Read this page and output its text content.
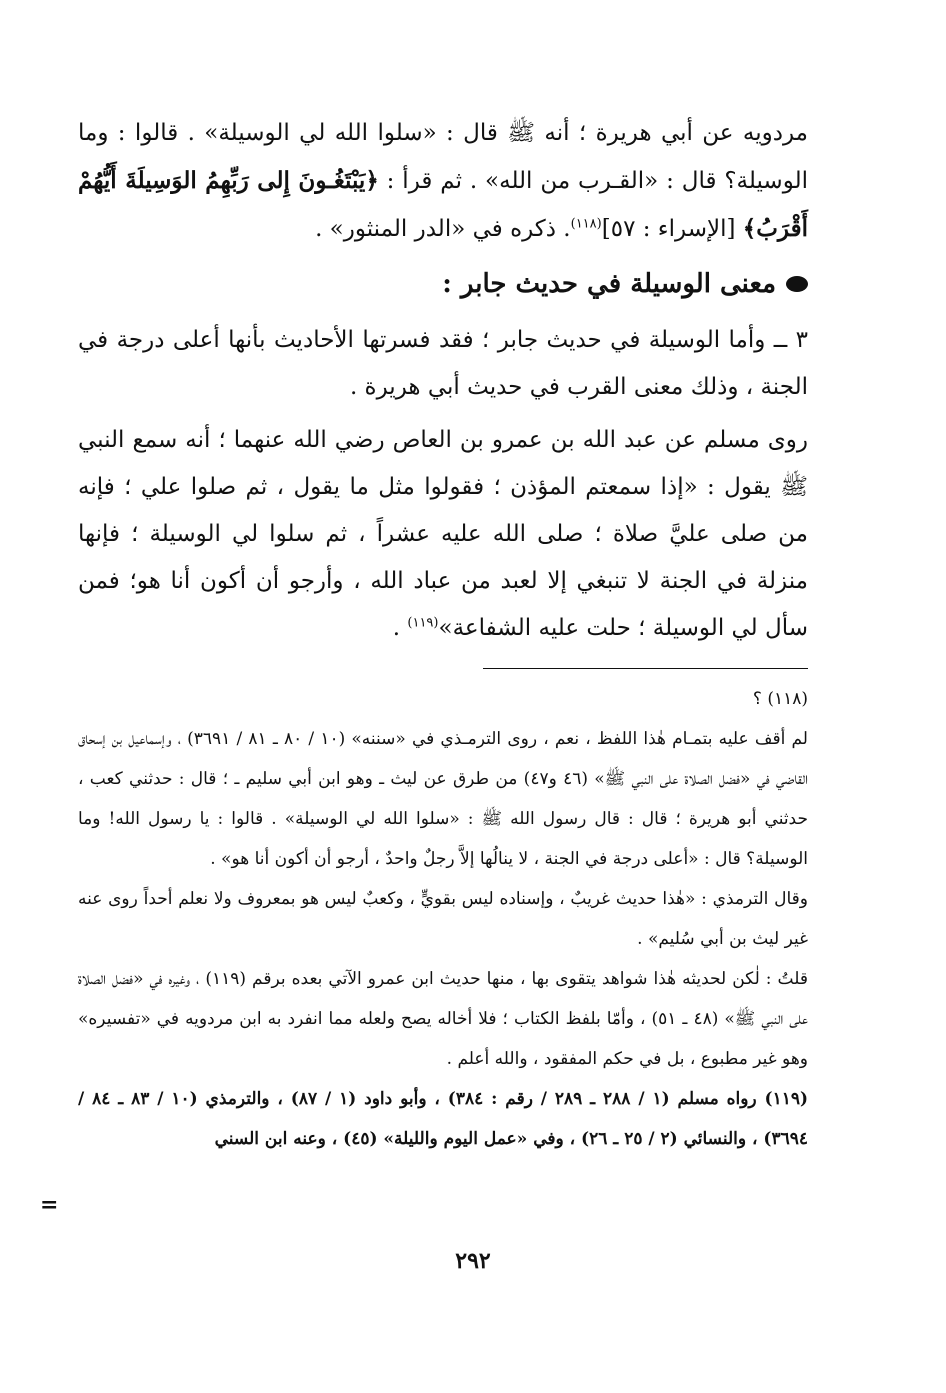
مردويه عن أبي هريرة ؛ أنه ﷺ قال : «سلوا الله لي الوسيلة» . قالوا : وما الوسيلة؟ قال : «القـرب من الله» . ثم قرأ : ﴿يَبْتَغُـونَ إِلى رَبِّهِمُ الوَسِيلَةَ أَيُّهُمْ أَقْرَبُ﴾ [الإسراء : ٥٧]$^{(١١٨)}$. ذكره في «الدر المنثور» .

معنى الوسيلة في حديث جابر :

٣ ــ وأما الوسيلة في حديث جابر ؛ فقد فسرتها الأحاديث بأنها أعلى درجة في الجنة ، وذلك معنى القرب في حديث أبي هريرة .

روى مسلم عن عبد الله بن عمرو بن العاص رضي الله عنهما ؛ أنه سمع النبي ﷺ يقول : «إذا سمعتم المؤذن ؛ فقولوا مثل ما يقول ، ثم صلوا علي ؛ فإنه من صلى عليَّ صلاة ؛ صلى الله عليه عشراً ، ثم سلوا لي الوسيلة ؛ فإنها منزلة في الجنة لا تنبغي إلا لعبد من عباد الله ، وأرجو أن أكون أنا هو؛ فمن سأل لي الوسيلة ؛ حلت عليه الشفاعة»$^{(١١٩)}$ .

(١١٨) ؟

لم أقف عليه بتمـام هٰذا اللفظ ، نعم ، روى الترمـذي في «سننه» (١٠ / ٨٠ ـ ٨١ / ٣٦٩١) ، وإسماعيل بن إسحاق القاضي في «فضل الصلاة على النبي ﷺ» (٤٦ و٤٧) من طرق عن ليث ـ وهو ابن أبي سليم ـ ؛ قال : حدثني كعب ، حدثني أبو هريرة ؛ قال : قال رسول الله ﷺ : «سلوا الله لي الوسيلة» . قالوا : يا رسول الله! وما الوسيلة؟ قال : «أعلى درجة في الجنة ، لا ينالُها إلاَّ رجلٌ واحدٌ ، أرجو أن أكون أنا هو» .

وقال الترمذي : «هٰذا حديث غريبٌ ، وإسناده ليس بقويٍّ ، وكعبٌ ليس هو بمعروف ولا نعلم أحداً روى عنه غير ليث بن أبي سُليم» .

قلتُ : لٰكن لحديثه هٰذا شواهد يتقوى بها ، منها حديث ابن عمرو الآتي بعده برقم (١١٩) ، وغيره في «فضل الصلاة على النبي ﷺ» (٤٨ ـ ٥١) ، وأمّا بلفظ الكتاب ؛ فلا أخاله يصح ولعله مما انفرد به ابن مردويه في «تفسيره» وهو غير مطبوع ، بل في حكم المفقود ، والله أعلم .

(١١٩) رواه مسلم (١ / ٢٨٨ ـ ٢٨٩ / رقم : ٣٨٤) ، وأبو داود (١ / ٨٧) ، والترمذي (١٠ / ٨٣ ـ ٨٤ / ٣٦٩٤) ، والنسائي (٢ / ٢٥ ـ ٢٦) ، وفي «عمل اليوم والليلة» (٤٥) ، وعنه ابن السني

=
٢٩٢
